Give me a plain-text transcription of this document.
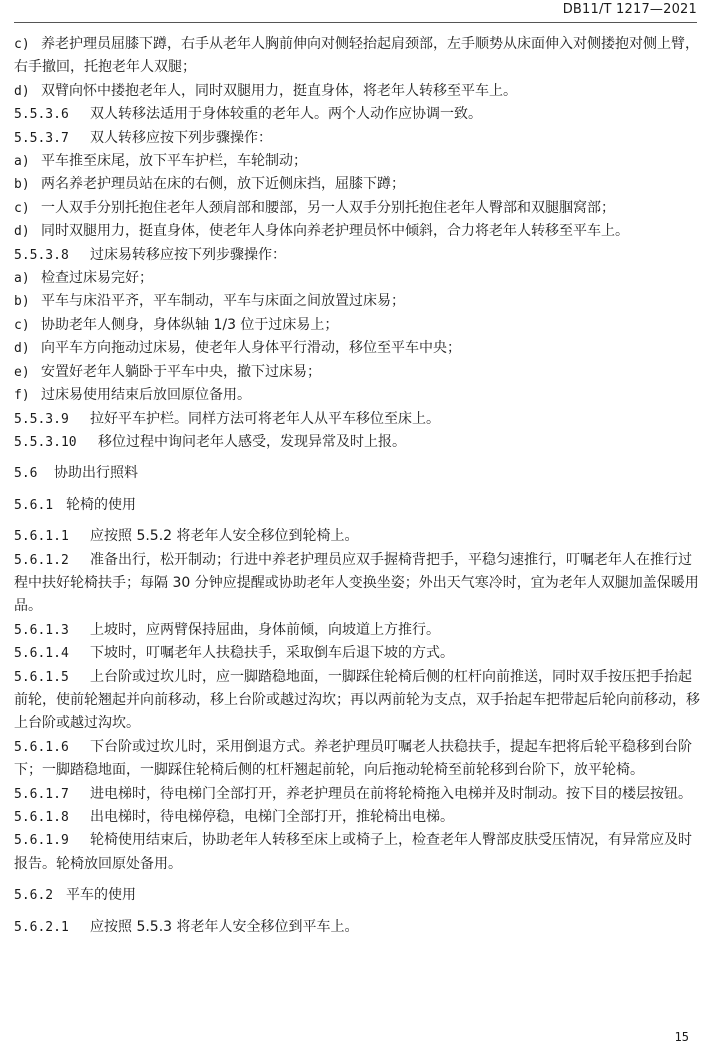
DB11/T 1217—2021
c) 养老护理员屈膝下蹲，右手从老年人胸前伸向对侧轻抬起肩颈部，左手顺势从床面伸入对侧搂抱对侧上臂，右手撤回，托抱老年人双腿；
d) 双臂向怀中搂抱老年人，同时双腿用力，挺直身体，将老年人转移至平车上。
5.5.3.6 双人转移法适用于身体较重的老年人。两个人动作应协调一致。
5.5.3.7 双人转移应按下列步骤操作：
a) 平车推至床尾，放下平车护栏，车轮制动；
b) 两名养老护理员站在床的右侧，放下近侧床挡，屈膝下蹲；
c) 一人双手分别托抱住老年人颈肩部和腰部，另一人双手分别托抱住老年人臀部和双腿腘窝部；
d) 同时双腿用力，挺直身体，使老年人身体向养老护理员怀中倾斜，合力将老年人转移至平车上。
5.5.3.8 过床易转移应按下列步骤操作：
a) 检查过床易完好；
b) 平车与床沿平齐，平车制动，平车与床面之间放置过床易；
c) 协助老年人侧身，身体纵轴 1/3 位于过床易上；
d) 向平车方向拖动过床易，使老年人身体平行滑动，移位至平车中央；
e) 安置好老年人躺卧于平车中央，撤下过床易；
f) 过床易使用结束后放回原位备用。
5.5.3.9 拉好平车护栏。同样方法可将老年人从平车移位至床上。
5.5.3.10 移位过程中询问老年人感受，发现异常及时上报。
5.6 协助出行照料
5.6.1 轮椅的使用
5.6.1.1 应按照 5.5.2 将老年人安全移位到轮椅上。
5.6.1.2 准备出行，松开制动；行进中养老护理员应双手握椅背把手，平稳匀速推行，叮嘱老年人在推行过程中扶好轮椅扶手；每隔 30 分钟应提醒或协助老年人变换坐姿；外出天气寒冷时，宜为老年人双腿加盖保暖用品。
5.6.1.3 上坡时，应两臂保持屈曲，身体前倾，向坡道上方推行。
5.6.1.4 下坡时，叮嘱老年人扶稳扶手，采取倒车后退下坡的方式。
5.6.1.5 上台阶或过坎儿时，应一脚踏稳地面，一脚踩住轮椅后侧的杠杆向前推送，同时双手按压把手抬起前轮，使前轮翘起并向前移动，移上台阶或越过沟坎；再以两前轮为支点，双手抬起车把带起后轮向前移动，移上台阶或越过沟坎。
5.6.1.6 下台阶或过坎儿时，采用倒退方式。养老护理员叮嘱老人扶稳扶手，提起车把将后轮平稳移到台阶下；一脚踏稳地面，一脚踩住轮椅后侧的杠杆翘起前轮，向后拖动轮椅至前轮移到台阶下，放平轮椅。
5.6.1.7 进电梯时，待电梯门全部打开，养老护理员在前将轮椅拖入电梯并及时制动。按下目的楼层按钮。
5.6.1.8 出电梯时，待电梯停稳，电梯门全部打开，推轮椅出电梯。
5.6.1.9 轮椅使用结束后，协助老年人转移至床上或椅子上，检查老年人臀部皮肤受压情况，有异常应及时报告。轮椅放回原处备用。
5.6.2 平车的使用
5.6.2.1 应按照 5.5.3 将老年人安全移位到平车上。
15
